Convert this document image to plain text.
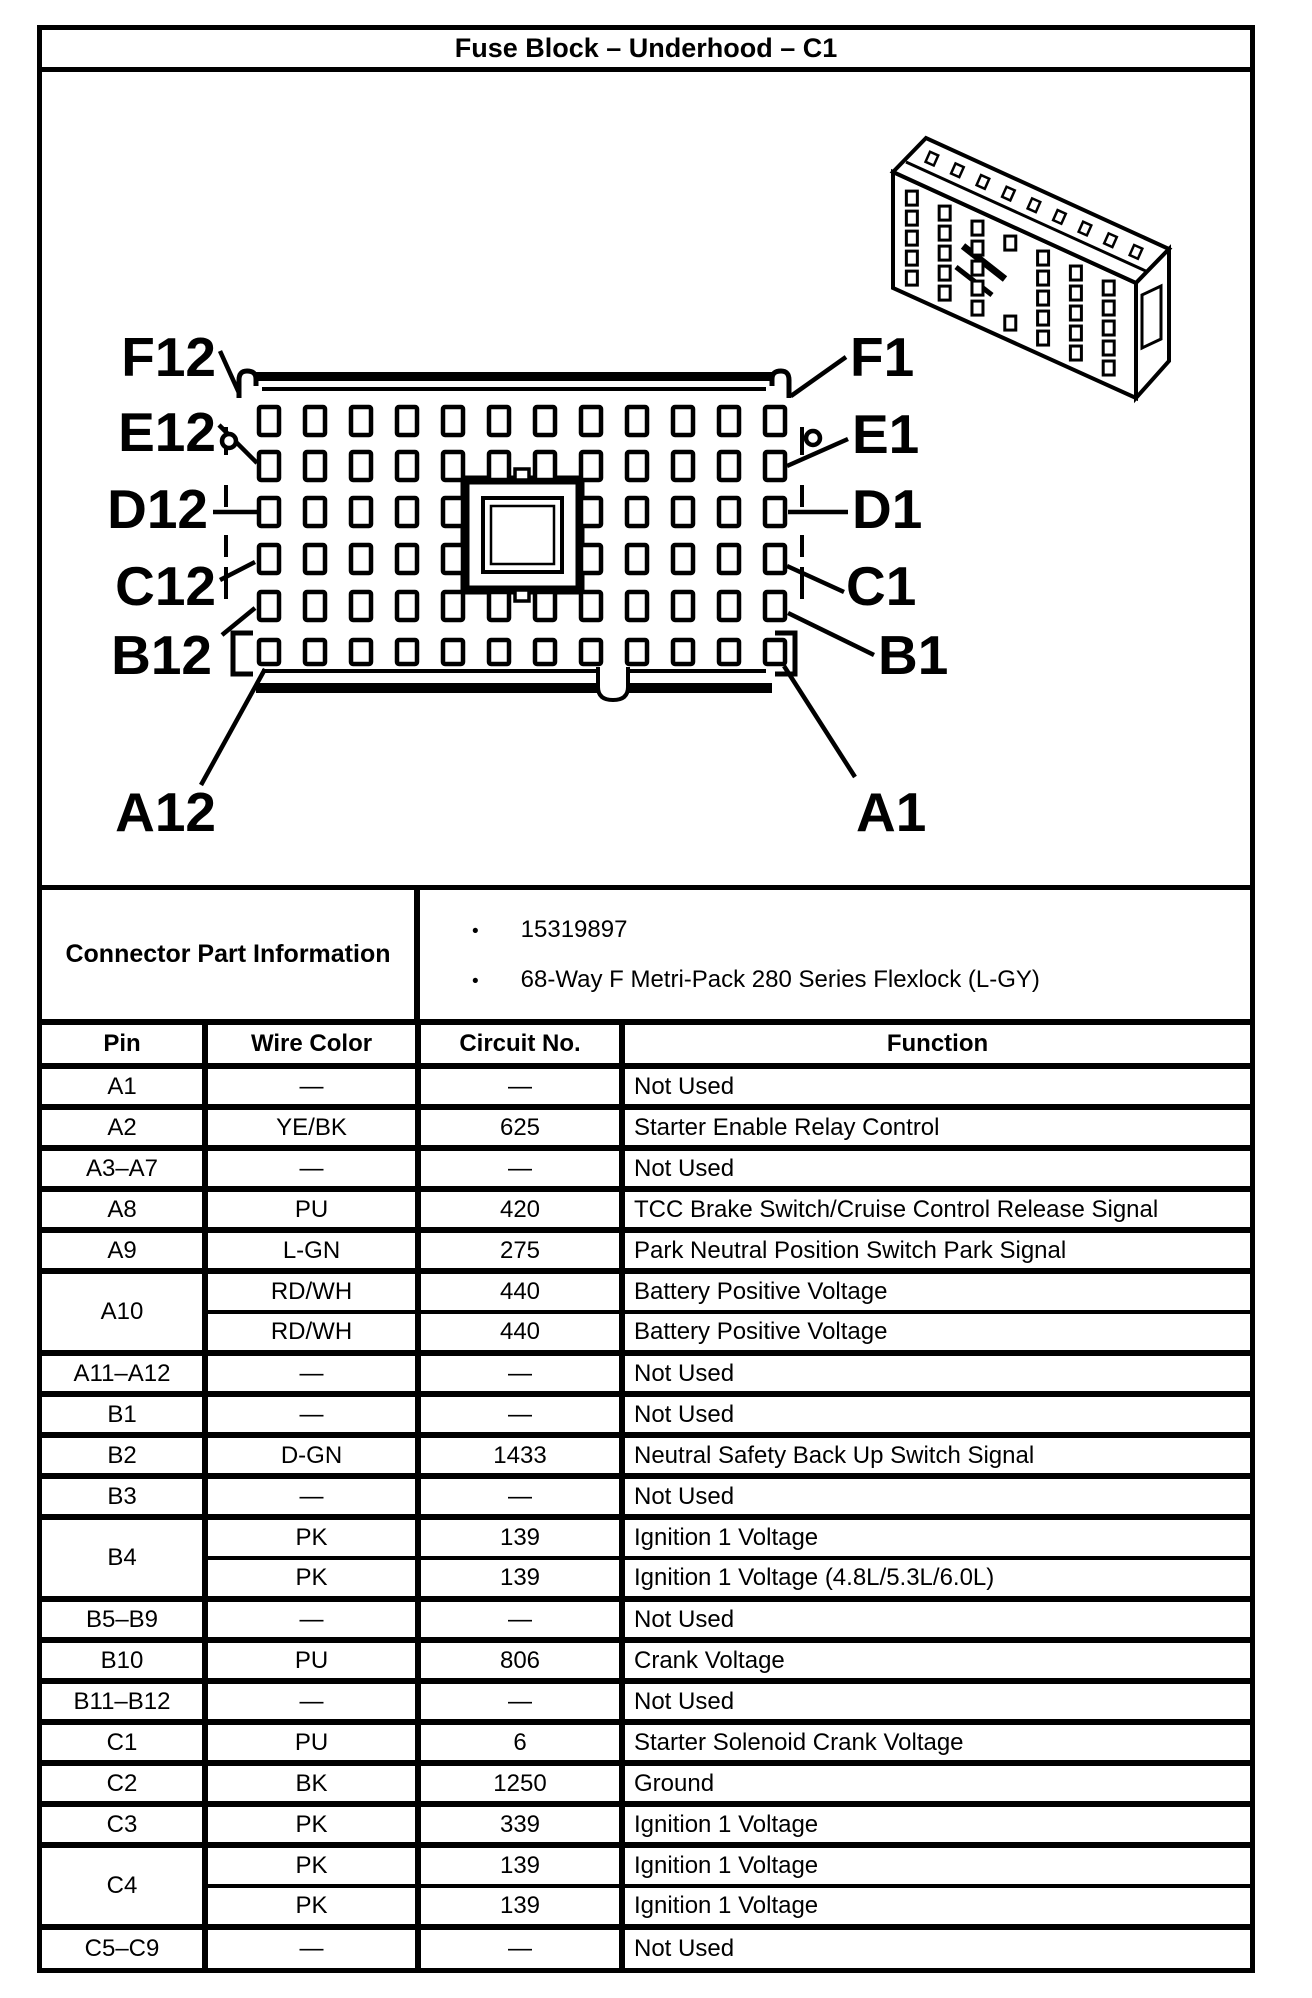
Fuse Block – Underhood – C1
F12
E12
D12
C12
B12
A12
F1
E1
D1
C1
B1
A1
Connector Part Information
• 15319897
• 68-Way F Metri-Pack 280 Series Flexlock (L-GY)
Pin	Wire Color	Circuit No.	Function
A1	—	—	Not Used
A2	YE/BK	625	Starter Enable Relay Control
A3–A7	—	—	Not Used
A8	PU	420	TCC Brake Switch/Cruise Control Release Signal
A9	L-GN	275	Park Neutral Position Switch Park Signal
A10	RD/WH	440	Battery Positive Voltage
	RD/WH	440	Battery Positive Voltage
A11–A12	—	—	Not Used
B1	—	—	Not Used
B2	D-GN	1433	Neutral Safety Back Up Switch Signal
B3	—	—	Not Used
B4	PK	139	Ignition 1 Voltage
	PK	139	Ignition 1 Voltage (4.8L/5.3L/6.0L)
B5–B9	—	—	Not Used
B10	PU	806	Crank Voltage
B11–B12	—	—	Not Used
C1	PU	6	Starter Solenoid Crank Voltage
C2	BK	1250	Ground
C3	PK	339	Ignition 1 Voltage
C4	PK	139	Ignition 1 Voltage
	PK	139	Ignition 1 Voltage
C5–C9	—	—	Not Used
